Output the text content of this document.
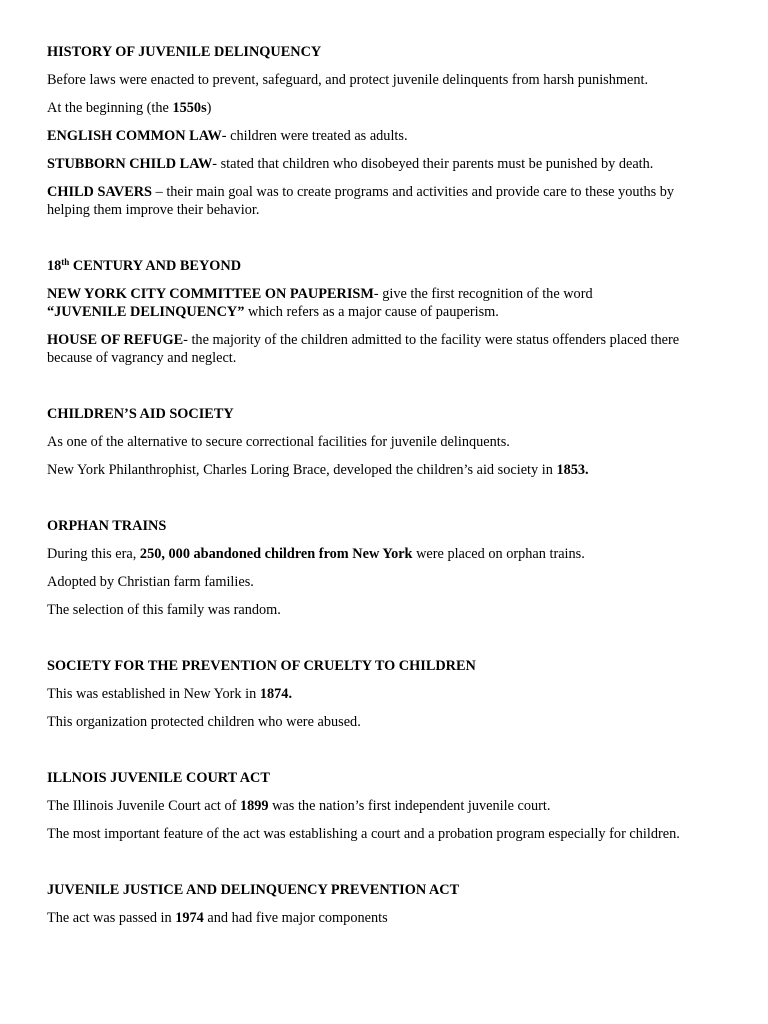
HISTORY OF JUVENILE DELINQUENCY
Before laws were enacted to prevent, safeguard, and protect juvenile delinquents from harsh punishment.
At the beginning (the 1550s)
ENGLISH COMMON LAW- children were treated as adults.
STUBBORN CHILD LAW- stated that children who disobeyed their parents must be punished by death.
CHILD SAVERS – their main goal was to create programs and activities and provide care to these youths by helping them improve their behavior.
18th CENTURY AND BEYOND
NEW YORK CITY COMMITTEE ON PAUPERISM- give the first recognition of the word
“JUVENILE DELINQUENCY” which refers as a major cause of pauperism.
HOUSE OF REFUGE- the majority of the children admitted to the facility were status offenders placed there because of vagrancy and neglect.
CHILDREN’S AID SOCIETY
As one of the alternative to secure correctional facilities for juvenile delinquents.
New York Philanthrophist, Charles Loring Brace, developed the children’s aid society in 1853.
ORPHAN TRAINS
During this era, 250, 000 abandoned children from New York were placed on orphan trains.
Adopted by Christian farm families.
The selection of this family was random.
SOCIETY FOR THE PREVENTION OF CRUELTY TO CHILDREN
This was established in New York in 1874.
This organization protected children who were abused.
ILLNOIS JUVENILE COURT ACT
The Illinois Juvenile Court act of 1899 was the nation’s first independent juvenile court.
The most important feature of the act was establishing a court and a probation program especially for children.
JUVENILE JUSTICE AND DELINQUENCY PREVENTION ACT
The act was passed in 1974 and had five major components
